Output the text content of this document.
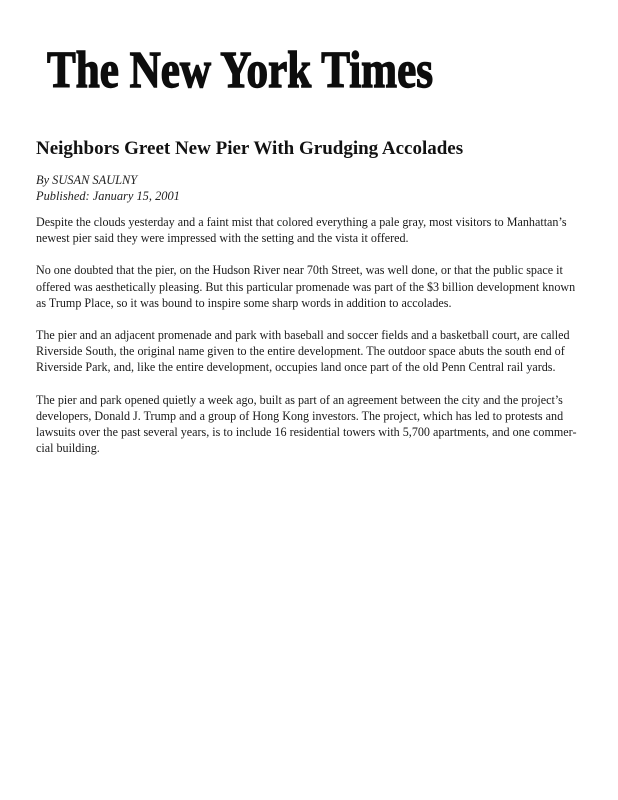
The New York Times
Neighbors Greet New Pier With Grudging Accolades

By SUSAN SAULNY

Published: January 15, 2001

Despite the clouds yesterday and a faint mist that colored everything a pale gray, most visitors to Manhattan’s
newest pier said they were impressed with the setting and the vista it offered.

No one doubted that the pier, on the Hudson River near 70th Street, was well done, or that the public space it
offered was aesthetically pleasing. But this particular promenade was part of the $3 billion development known
as Trump Place, so it was bound to inspire some sharp words in addition to accolades.

The pier and an adjacent promenade and park with baseball and soccer fields and a basketball court, are called
Riverside South, the original name given to the entire development. The outdoor space abuts the south end of
Riverside Park, and, like the entire development, occupies land once part of the old Penn Central rail yards.

The pier and park opened quietly a week ago, built as part of an agreement between the city and the project’s
developers, Donald J. Trump and a group of Hong Kong investors. The project, which has led to protests and
lawsuits over the past several years, is to include 16 residential towers with 5,700 apartments, and one commer-
cial building.
